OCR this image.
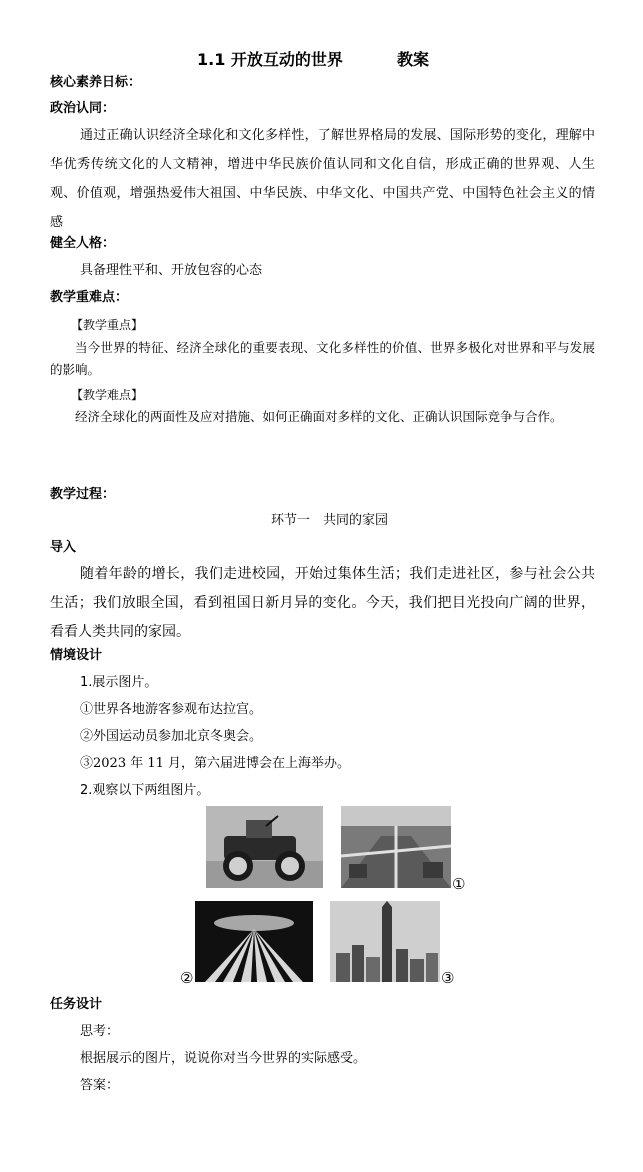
1.1 开放互动的世界	教案
核心素养日标：
政治认同：
通过正确认识经济全球化和文化多样性，了解世界格局的发展、国际形势的变化，理解中华优秀传统文化的人文精神，增进中华民族价值认同和文化自信，形成正确的世界观、人生观、价值观，增强热爱伟大祖国、中华民族、中华文化、中国共产党、中国特色社会主义的情感
健全人格：
具备理性平和、开放包容的心态
教学重难点：
【教学重点】
当今世界的特征、经济全球化的重要表现、文化多样性的价值、世界多极化对世界和平与发展的影响。
【教学难点】
经济全球化的两面性及应对措施、如何正确面对多样的文化、正确认识国际竞争与合作。
教学过程：
环节一　共同的家园
导入
随着年龄的增长，我们走进校园，开始过集体生活；我们走进社区，参与社会公共生活；我们放眼全国，看到祖国日新月异的变化。今天，我们把目光投向广阔的世界，看看人类共同的家园。
情境设计
1.展示图片。
①世界各地游客参观布达拉宫。
②外国运动员参加北京冬奥会。
③2023 年 11 月，第六届进博会在上海举办。
2.观察以下两组图片。
①
②	③
任务设计
思考：
根据展示的图片，说说你对当今世界的实际感受。
答案：
